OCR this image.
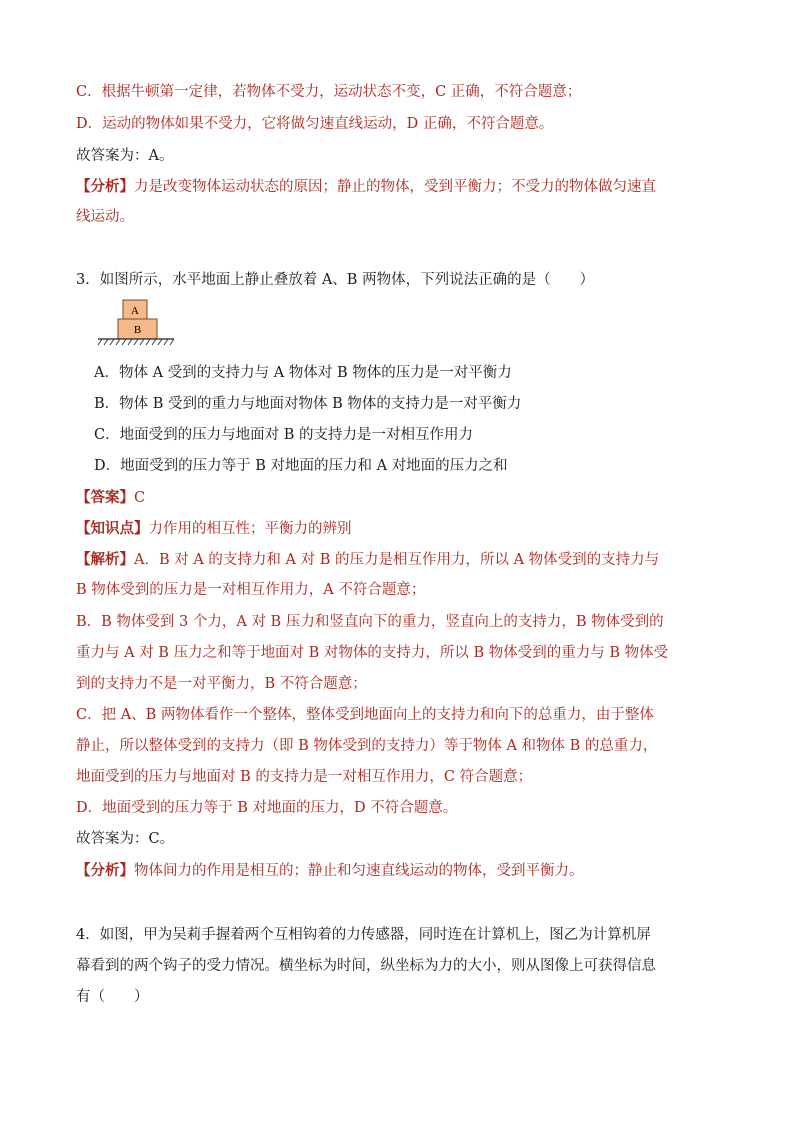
C．根据牛顿第一定律，若物体不受力，运动状态不变，C 正确，不符合题意；
D．运动的物体如果不受力，它将做匀速直线运动，D 正确，不符合题意。
故答案为：A。
【分析】力是改变物体运动状态的原因；静止的物体，受到平衡力；不受力的物体做匀速直
线运动。
3．如图所示，水平地面上静止叠放着 A、B 两物体，下列说法正确的是（　　）
A
B
A．物体 A 受到的支持力与 A 物体对 B 物体的压力是一对平衡力
B．物体 B 受到的重力与地面对物体 B 物体的支持力是一对平衡力
C．地面受到的压力与地面对 B 的支持力是一对相互作用力
D．地面受到的压力等于 B 对地面的压力和 A 对地面的压力之和
【答案】C
【知识点】力作用的相互性；平衡力的辨别
【解析】A．B 对 A 的支持力和 A 对 B 的压力是相互作用力，所以 A 物体受到的支持力与
B 物体受到的压力是一对相互作用力，A 不符合题意；
B．B 物体受到 3 个力，A 对 B 压力和竖直向下的重力，竖直向上的支持力，B 物体受到的
重力与 A 对 B 压力之和等于地面对 B 对物体的支持力，所以 B 物体受到的重力与 B 物体受
到的支持力不是一对平衡力，B 不符合题意；
C．把 A、B 两物体看作一个整体，整体受到地面向上的支持力和向下的总重力，由于整体
静止，所以整体受到的支持力（即 B 物体受到的支持力）等于物体 A 和物体 B 的总重力，
地面受到的压力与地面对 B 的支持力是一对相互作用力，C 符合题意；
D．地面受到的压力等于 B 对地面的压力，D 不符合题意。
故答案为：C。
【分析】物体间力的作用是相互的；静止和匀速直线运动的物体，受到平衡力。
4．如图，甲为吴莉手握着两个互相钩着的力传感器，同时连在计算机上，图乙为计算机屏
幕看到的两个钩子的受力情况。横坐标为时间，纵坐标为力的大小，则从图像上可获得信息
有（　　）
